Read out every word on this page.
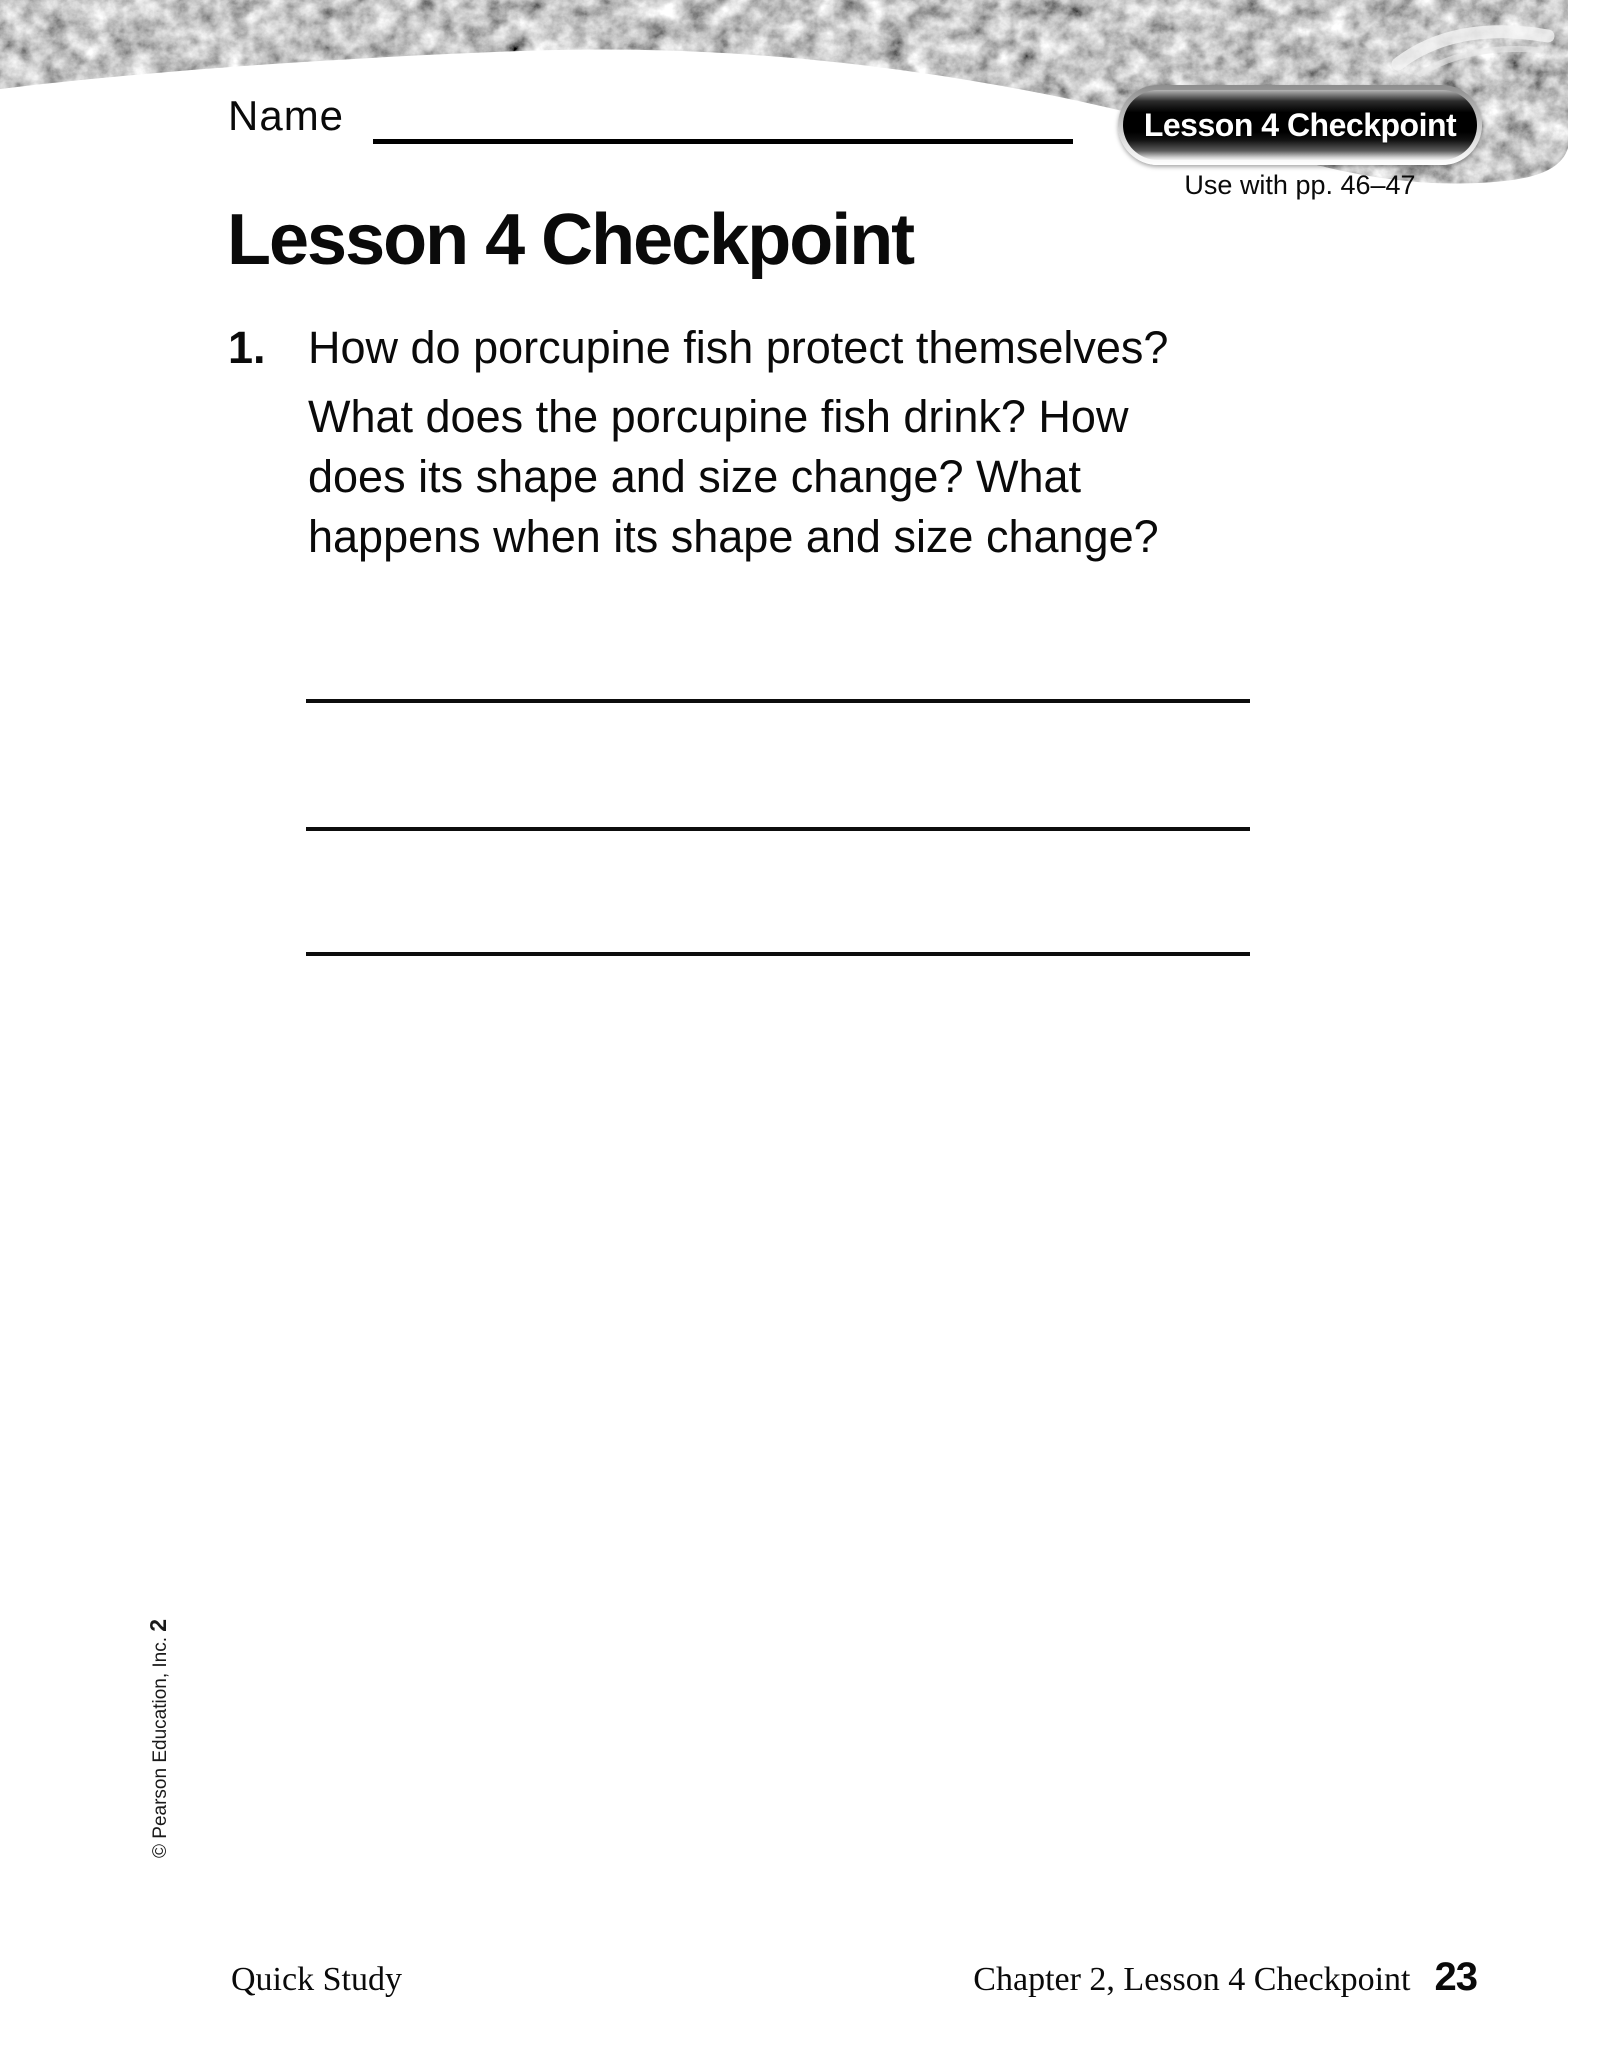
Name	Lesson 4 Checkpoint
Use with pp. 46–47
Lesson 4 Checkpoint
1. How do porcupine fish protect themselves?
What does the porcupine fish drink? How
does its shape and size change? What
happens when its shape and size change?
© Pearson Education, Inc. 2
Quick Study	Chapter 2, Lesson 4 Checkpoint 23
